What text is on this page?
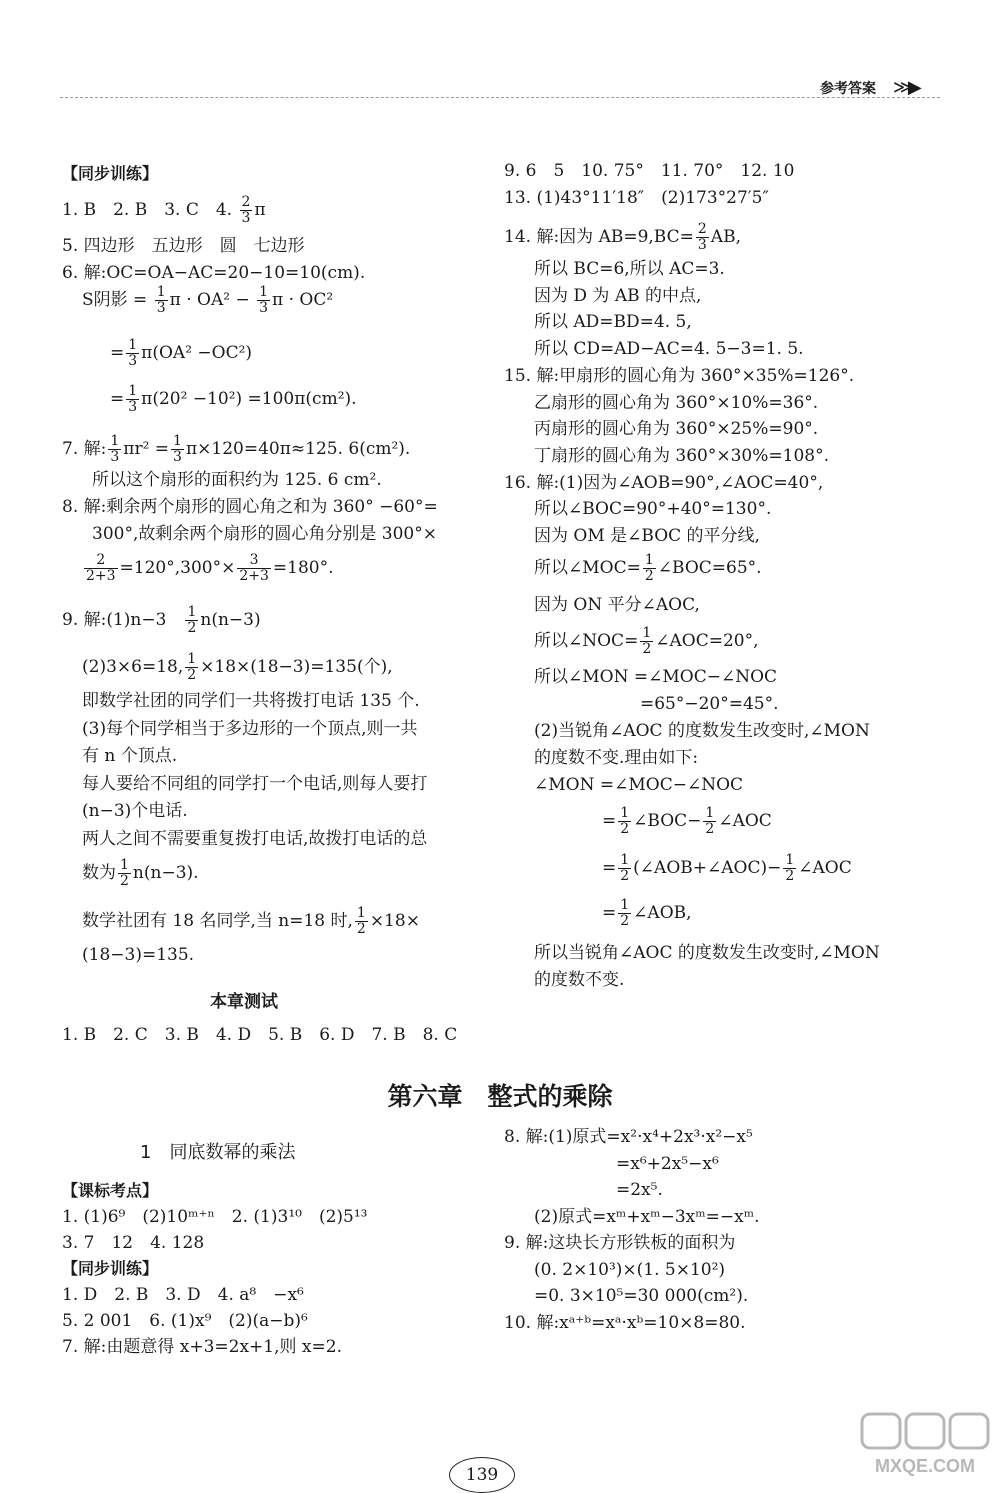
参考答案 ≫▶

【同步训练】

1. B　2. B　3. C　4. $\frac{2}{3}$ π

5. 四边形　五边形　圆　七边形

6. 解:OC=OA−AC=20−10=10(cm).

S阴影 = $\frac{1}{3}$ $\pi \cdot OA^2 - \frac{1}{3}$ π · OC²
= $\frac{1}{3} \pi(OA^2 -OC^2)$
= $\frac{1}{3} \pi(20^2 -10^2) =100\pi(cm^2)$.
7. 解: $\frac{1}{3} \pi r^2 = \frac{1}{3} \pi\times 120=40\pi\approx 125$. 6(cm²).

所以这个扇形的面积约为 125. 6 cm².

8. 解:剩余两个扇形的圆心角之和为 360° −60°=

300°,故剩余两个扇形的圆心角分别是 300°×

$\frac{2}{2+3} =120^\circ,300^\circ\times \frac{3}{2+3} =180^\circ$.
9. 解:(1)n−3　 $\frac{1}{2} n(n-3)$
(2)3×6=18, $\frac{1}{2} \times 18\times(18-3)=135$(个),

即数学社团的同学们一共将拨打电话 135 个.

(3)每个同学相当于多边形的一个顶点,则一共

有 n 个顶点.

每人要给不同组的同学打一个电话,则每人要打

(n−3)个电话.

两人之间不需要重复拨打电话,故拨打电话的总

数为 $\frac{1}{2} n(n-3)$.
数学社团有 18 名同学,当 n=18 时, $\frac{1}{2} \times 18\times$
(18−3)=135.
本章测试
1. B　2. C　3. B　4. D　5. B　6. D　7. B　8. C

9. 6　5　10. 75°　11. 70°　12. 10

13. (1)43°11′18″　(2)173°27′5″

14. 解:因为 $AB=9,BC= \frac{2}{3}$ AB,

所以 BC=6,所以 AC=3.

因为 D 为 AB 的中点,

所以 AD=BD=4. 5,

所以 CD=AD−AC=4. 5−3=1. 5.

15. 解:甲扇形的圆心角为 360°×35%=126°.

乙扇形的圆心角为 360°×10%=36°.

丙扇形的圆心角为 360°×25%=90°.

丁扇形的圆心角为 360°×30%=108°.

16. 解:(1)因为∠AOB=90°,∠AOC=40°,

所以∠BOC=90°+40°=130°.

因为 OM 是∠BOC 的平分线,

所以∠MOC= $\frac{1}{2}$ ∠BOC=65°.
因为 ON 平分∠AOC,
所以∠NOC= $\frac{1}{2}$ ∠AOC=20°,

所以∠MON =∠MOC−∠NOC

=65°−20°=45°.

(2)当锐角∠AOC 的度数发生改变时,∠MON

的度数不变.理由如下:

∠MON =∠MOC−∠NOC

= $\frac{1}{2}$ ∠BOC− $\frac{1}{2}$ ∠AOC
= $\frac{1}{2}$ (∠AOB+∠AOC)− $\frac{1}{2}$ ∠AOC
= $\frac{1}{2}$ ∠AOB,

所以当锐角∠AOC 的度数发生改变时,∠MON

的度数不变.

第六章　整式的乘除
1　同底数幂的乘法

【课标考点】

1. (1)6⁹　(2)10ᵐ⁺ⁿ　2. (1)3¹⁰　(2)5¹³

3. 7　12　4. 128

【同步训练】

1. D　2. B　3. D　4. a⁸　−x⁶

5. 2 001　6. (1)x⁹　(2)(a−b)⁶

7. 解:由题意得 x+3=2x+1,则 x=2.

8. 解:(1)原式=x²·x⁴+2x³·x²−x⁵

=x⁶+2x⁵−x⁶

=2x⁵.

(2)原式=xᵐ+xᵐ−3xᵐ=−xᵐ.

9. 解:这块长方形铁板的面积为

(0. 2×10³)×(1. 5×10²)

=0. 3×10⁵=30 000(cm²).

10. 解:xᵃ⁺ᵇ=xᵃ·xᵇ=10×8=80.

139	MXQE.COM
